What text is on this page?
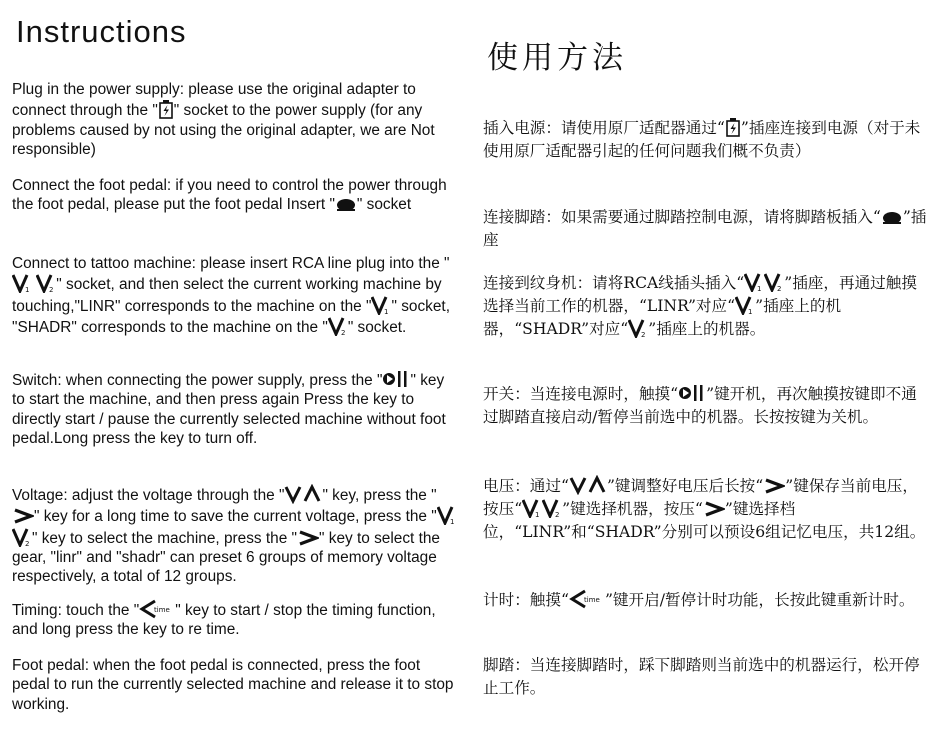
Instructions

Plug in the power supply: please use the original adapter to connect through the " " socket to the power supply (for any problems caused by not using the original adapter, we are Not responsible)

Connect the foot pedal: if you need to control the power through the foot pedal, please put the foot pedal Insert " " socket

Connect to tattoo machine: please insert RCA line plug into the "
1
	2 " socket, and then select the current working machine by touching,"LINR" corresponds to the machine on the " 1 " socket, "SHADR" corresponds to the machine on the " 2 " socket.

Switch: when connecting the power supply, press the " " key to start the machine, and then press again Press the key to directly start / pause the currently selected machine without foot pedal.Long press the key to turn off.

Voltage: adjust the voltage through the " " key, press the "
" key for a long time to save the current voltage, press the " 1

2 " key to select the machine, press the " " key to select the gear, "linr" and "shadr" can preset 6 groups of memory voltage respectively, a total of 12 groups.

Timing: touch the " time " key to start / stop the timing function, and long press the key to re time.

Foot pedal: when the foot pedal is connected, press the foot pedal to run the currently selected machine and release it to stop working.

使用方法

插入电源：请使用原厂适配器通过“ ”插座连接到电源（对于未使用原厂适配器引起的任何问题我们概不负责）

连接脚踏：如果需要通过脚踏控制电源，请将脚踏板插入“ ”插座

连接到纹身机：请将RCA线插头插入“ 1 2 ”插座，再通过触摸选择当前工作的机器，“LINR”对应“ 1 ”插座上的机器，“SHADR”对应“ 2 ”插座上的机器。

开关：当连接电源时，触摸“ ”键开机，再次触摸按键即不通过脚踏直接启动/暂停当前选中的机器。长按按键为关机。

电压：通过“ ”键调整好电压后长按“ ”键保存当前电压，按压“ 1 2 ”键选择机器，按压“ ”键选择档位，“LINR”和“SHADR”分别可以预设6组记忆电压，共12组。

计时：触摸“ time ”键开启/暂停计时功能，长按此键重新计时。

脚踏：当连接脚踏时，踩下脚踏则当前选中的机器运行，松开停止工作。
